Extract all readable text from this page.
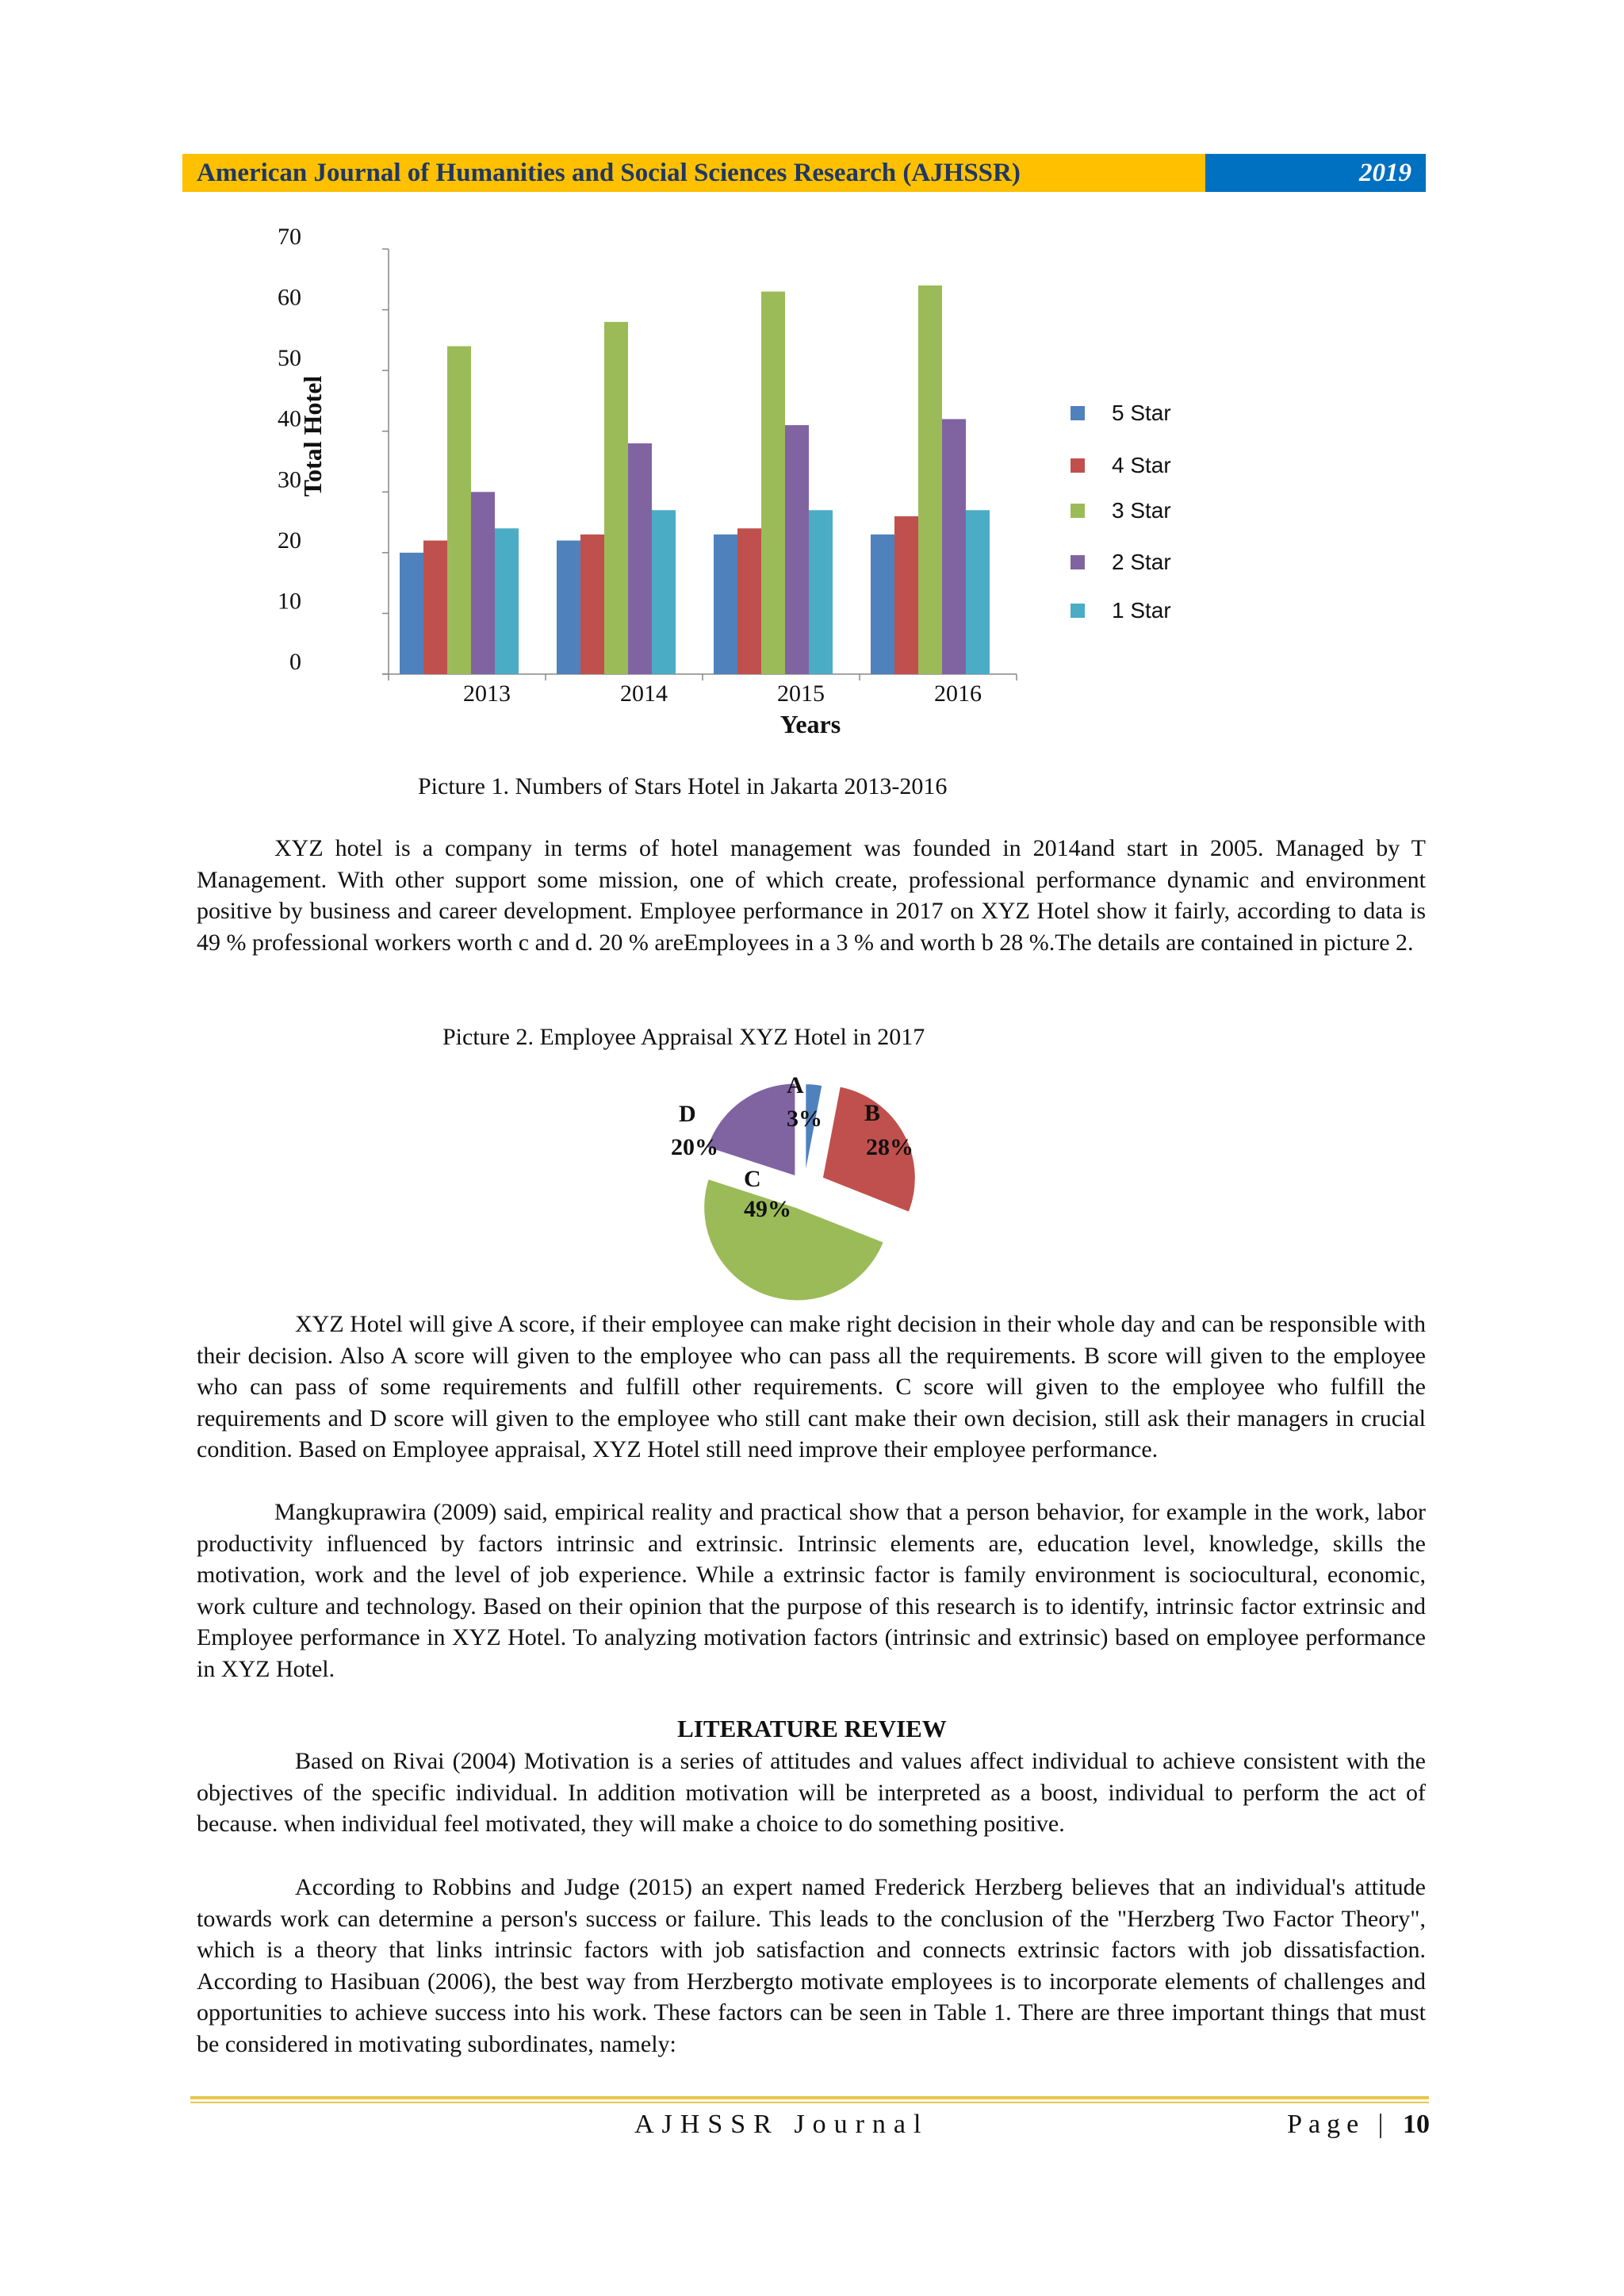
American Journal of Humanities and Social Sciences Research (AJHSSR)	2019
0
10
20
30
40
50
60
70
2013	2014	2015	2016
Total Hotel
Years
5 Star
4 Star
3 Star
2 Star
1 Star
Picture 1. Numbers of Stars Hotel in Jakarta 2013-2016

XYZ hotel is a company in terms of hotel management was founded in 2014and start in 2005. Managed by T Management. With other support some mission, one of which create, professional performance dynamic and environment positive by business and career development. Employee performance in 2017 on XYZ Hotel show it fairly, according to data is 49 % professional workers worth c and d. 20 % areEmployees in a 3 % and worth b 28 %.The details are contained in picture 2.

Picture 2. Employee Appraisal XYZ Hotel in 2017
A
3% B
28%
C
49%
D
20%

XYZ Hotel will give A score, if their employee can make right decision in their whole day and can be responsible with their decision. Also A score will given to the employee who can pass all the requirements. B score will given to the employee who can pass of some requirements and fulfill other requirements. C score will given to the employee who fulfill the requirements and D score will given to the employee who still cant make their own decision, still ask their managers in crucial condition. Based on Employee appraisal, XYZ Hotel still need improve their employee performance.

Mangkuprawira (2009) said, empirical reality and practical show that a person behavior, for example in the work, labor productivity influenced by factors intrinsic and extrinsic. Intrinsic elements are, education level, knowledge, skills the motivation, work and the level of job experience. While a extrinsic factor is family environment is sociocultural, economic, work culture and technology. Based on their opinion that the purpose of this research is to identify, intrinsic factor extrinsic and Employee performance in XYZ Hotel. To analyzing motivation factors (intrinsic and extrinsic) based on employee performance in XYZ Hotel.

LITERATURE REVIEW

Based on Rivai (2004) Motivation is a series of attitudes and values affect individual to achieve consistent with the objectives of the specific individual. In addition motivation will be interpreted as a boost, individual to perform the act of because. when individual feel motivated, they will make a choice to do something positive.

According to Robbins and Judge (2015) an expert named Frederick Herzberg believes that an individual's attitude towards work can determine a person's success or failure. This leads to the conclusion of the "Herzberg Two Factor Theory", which is a theory that links intrinsic factors with job satisfaction and connects extrinsic factors with job dissatisfaction. According to Hasibuan (2006), the best way from Herzbergto motivate employees is to incorporate elements of challenges and opportunities to achieve success into his work. These factors can be seen in Table 1. There are three important things that must be considered in motivating subordinates, namely:

AJHSSR Journal	Page | 10
